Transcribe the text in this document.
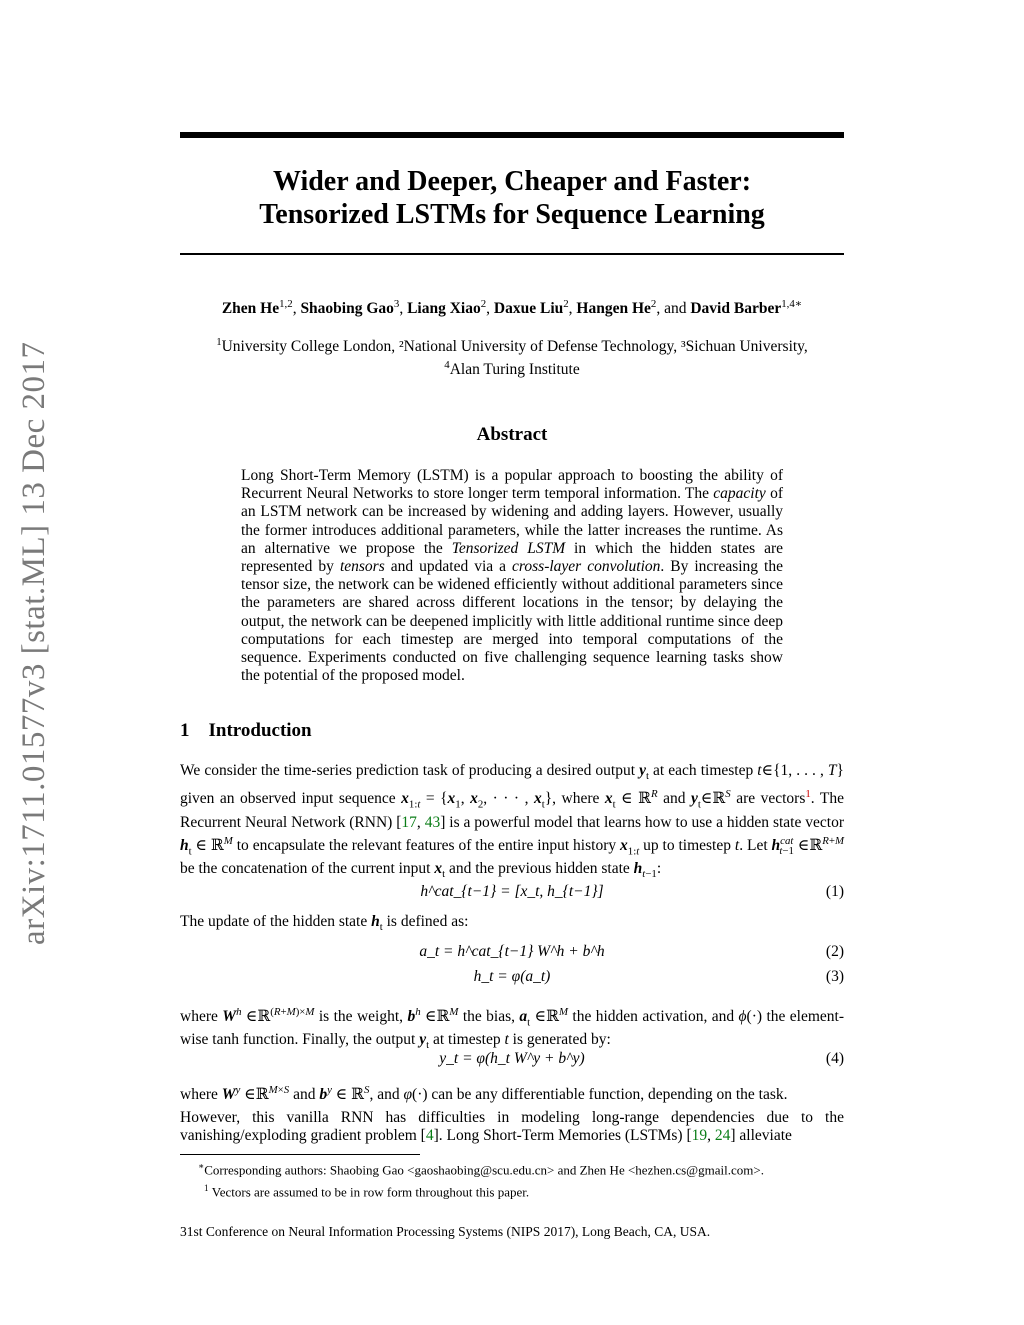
arXiv:1711.01577v3 [stat.ML] 13 Dec 2017
Wider and Deeper, Cheaper and Faster:
Tensorized LSTMs for Sequence Learning
Zhen He$^{1,2}$, Shaobing Gao$^3$, Liang Xiao$^2$, Daxue Liu$^2$, Hangen He$^2$, and David Barber$^{1,4∗}$
$^1$University College London, ²National University of Defense Technology, ³Sichuan University,
$^4$Alan Turing Institute
Abstract
Long Short-Term Memory (LSTM) is a popular approach to boosting the ability of Recurrent Neural Networks to store longer term temporal information. The capacity of an LSTM network can be increased by widening and adding layers. However, usually the former introduces additional parameters, while the latter increases the runtime. As an alternative we propose the Tensorized LSTM in which the hidden states are represented by tensors and updated via a cross-layer convolution. By increasing the tensor size, the network can be widened efficiently without additional parameters since the parameters are shared across different locations in the tensor; by delaying the output, the network can be deepened implicitly with little additional runtime since deep computations for each timestep are merged into temporal computations of the sequence. Experiments conducted on five challenging sequence learning tasks show the potential of the proposed model.
1 Introduction
We consider the time-series prediction task of producing a desired output $y_t$ at each timestep t∈{1, . . . , T} given an observed input sequence $x_{1:t} = \{x_1$, $x_2$, · · · , $x_t$}, where $x_t$ ∈ ℝ$^R$ and $y_t\in ℝ^S$ are vectors$^1$. The Recurrent Neural Network (RNN) [17, 43] is a powerful model that learns how to use a hidden state vector $h_t$ ∈ ℝ$^M$ to encapsulate the relevant features of the entire input history $x_{1:t}$ up to timestep t. Let $h^{cat}_{t-1}$ ∈ℝ$^{R+M}$ be the concatenation of the current input $x_t$ and the previous hidden state $h_{t-1}$:
h^cat_{t−1} = [x_t, h_{t−1}]	(1)
The update of the hidden state $h_t$ is defined as:
a_t = h^cat_{t−1} W^h + b^h	(2)
h_t = φ(a_t)	(3)
where $W^h$ ∈ℝ$^{(R+M)\times M}$ is the weight, $b^h$ ∈ℝ$^M$ the bias, $a_t$ ∈ℝ$^M$ the hidden activation, and ϕ(·) the element-wise tanh function. Finally, the output $y_t$ at timestep t is generated by:
y_t = φ(h_t W^y + b^y)	(4)
where $W^y$ ∈ℝ$^{M\times S}$ and $b^y$ ∈ ℝ$^S$, and φ(·) can be any differentiable function, depending on the task.
However, this vanilla RNN has difficulties in modeling long-range dependencies due to the vanishing/exploding gradient problem [4]. Long Short-Term Memories (LSTMs) [19, 24] alleviate
∗Corresponding authors: Shaobing Gao <gaoshaobing@scu.edu.cn> and Zhen He <hezhen.cs@gmail.com>.
$^1$ Vectors are assumed to be in row form throughout this paper.
31st Conference on Neural Information Processing Systems (NIPS 2017), Long Beach, CA, USA.
